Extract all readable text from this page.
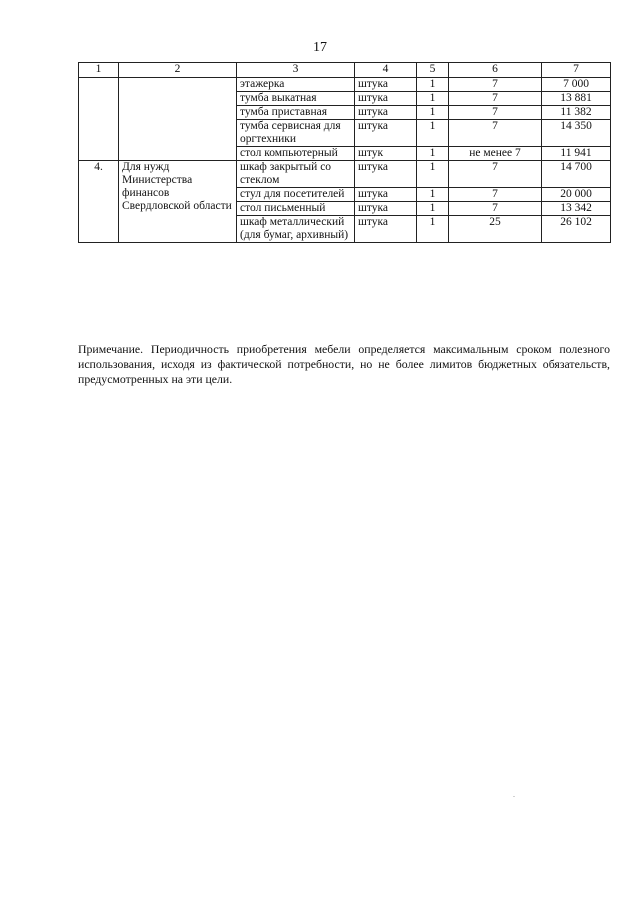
17
1	2	3	4	5	6	7
		этажерка	штука	1	7	7 000
		тумба выкатная	штука	1	7	13 881
		тумба приставная	штука	1	7	11 382
		тумба сервисная для оргтехники	штука	1	7	14 350
		стол компьютерный	штук	1	не менее 7	11 941
4.	Для нужд Министерства финансов Свердловской области	шкаф закрытый со стеклом	штука	1	7	14 700
		стул для посетителей	штука	1	7	20 000
		стол письменный	штука	1	7	13 342
		шкаф металлический (для бумаг, архивный)	штука	1	25	26 102

Примечание. Периодичность приобретения мебели определяется максимальным сроком полезного использования, исходя из фактической потребности, но не более лимитов бюджетных обязательств, предусмотренных на эти цели.

.
